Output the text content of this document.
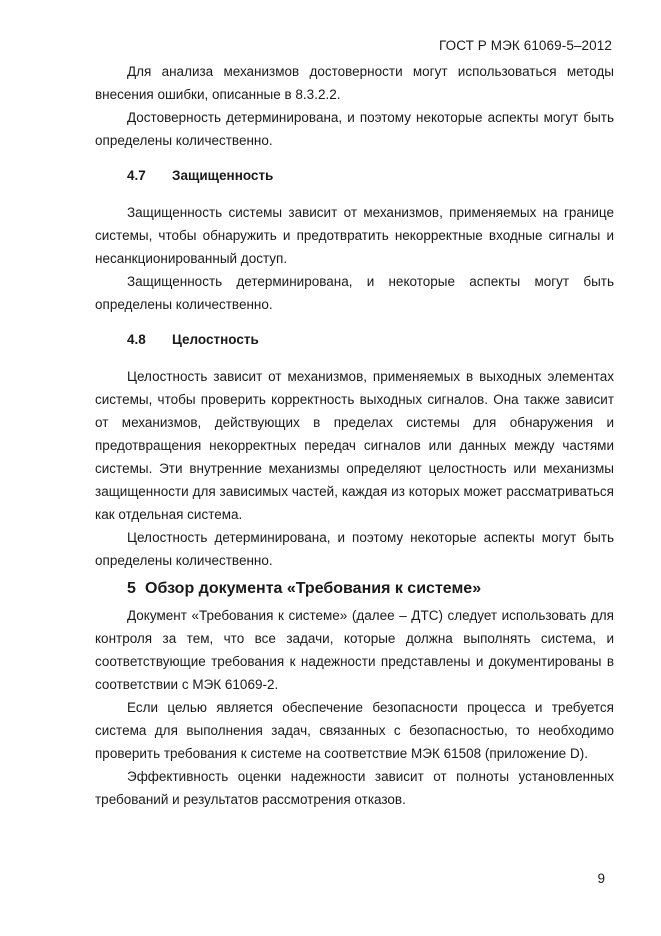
ГОСТ Р МЭК 61069-5–2012

Для анализа механизмов достоверности могут использоваться методы внесения ошибки, описанные в 8.3.2.2.

Достоверность детерминирована, и поэтому некоторые аспекты могут быть определены количественно.

4.7 Защищенность

Защищенность системы зависит от механизмов, применяемых на границе системы, чтобы обнаружить и предотвратить некорректные входные сигналы и несанкционированный доступ.

Защищенность детерминирована, и некоторые аспекты могут быть определены количественно.

4.8 Целостность

Целостность зависит от механизмов, применяемых в выходных элементах системы, чтобы проверить корректность выходных сигналов. Она также зависит от механизмов, действующих в пределах системы для обнаружения и предотвращения некорректных передач сигналов или данных между частями системы. Эти внутренние механизмы определяют целостность или механизмы защищенности для зависимых частей, каждая из которых может рассматриваться как отдельная система.

Целостность детерминирована, и поэтому некоторые аспекты могут быть определены количественно.

5 Обзор документа «Требования к системе»

Документ «Требования к системе» (далее – ДТС) следует использовать для контроля за тем, что все задачи, которые должна выполнять система, и соответствующие требования к надежности представлены и документированы в соответствии с МЭК 61069-2.

Если целью является обеспечение безопасности процесса и требуется система для выполнения задач, связанных с безопасностью, то необходимо проверить требования к системе на соответствие МЭК 61508 (приложение D).

Эффективность оценки надежности зависит от полноты установленных требований и результатов рассмотрения отказов.

9
